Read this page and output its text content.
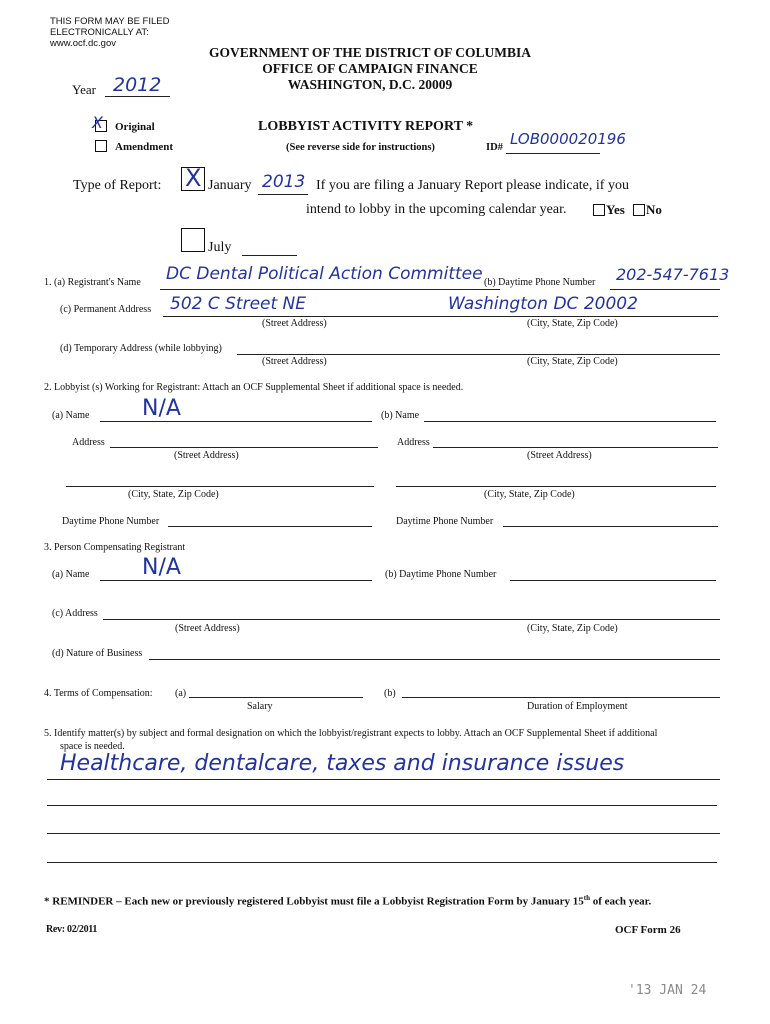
THIS FORM MAY BE FILED
ELECTRONICALLY AT:
www.ocf.dc.gov
GOVERNMENT OF THE DISTRICT OF COLUMBIA
OFFICE OF CAMPAIGN FINANCE
WASHINGTON, D.C. 20009
Year 2012
X Original
Amendment
LOBBYIST ACTIVITY REPORT *
(See reverse side for instructions)	ID# LOB000020196
Type of Report: X January 2013 If you are filing a January Report please indicate, if you
intend to lobby in the upcoming calendar year.	Yes No
July
1. (a) Registrant's Name DC Dental Political Action Committee (b) Daytime Phone Number 202-547-7613
(c) Permanent Address 502 C Street NE	Washington DC 20002
(Street Address)	(City, State, Zip Code)
(d) Temporary Address (while lobbying)
(Street Address)	(City, State, Zip Code)
2. Lobbyist (s) Working for Registrant: Attach an OCF Supplemental Sheet if additional space is needed.
(a) Name N/A	(b) Name
Address	Address
(Street Address)	(Street Address)
(City, State, Zip Code)	(City, State, Zip Code)
Daytime Phone Number	Daytime Phone Number
3. Person Compensating Registrant
(a) Name N/A	(b) Daytime Phone Number
(c) Address
(Street Address)	(City, State, Zip Code)
(d) Nature of Business
4. Terms of Compensation: (a)
Salary
(b)
Duration of Employment
5. Identify matter(s) by subject and formal designation on which the lobbyist/registrant expects to lobby. Attach an OCF Supplemental Sheet if additional
space is needed.
Healthcare, dentalcare, taxes and insurance issues
* REMINDER – Each new or previously registered Lobbyist must file a Lobbyist Registration Form by January 15th of each year.
Rev: 02/2011	OCF Form 26
'13 JAN 24
